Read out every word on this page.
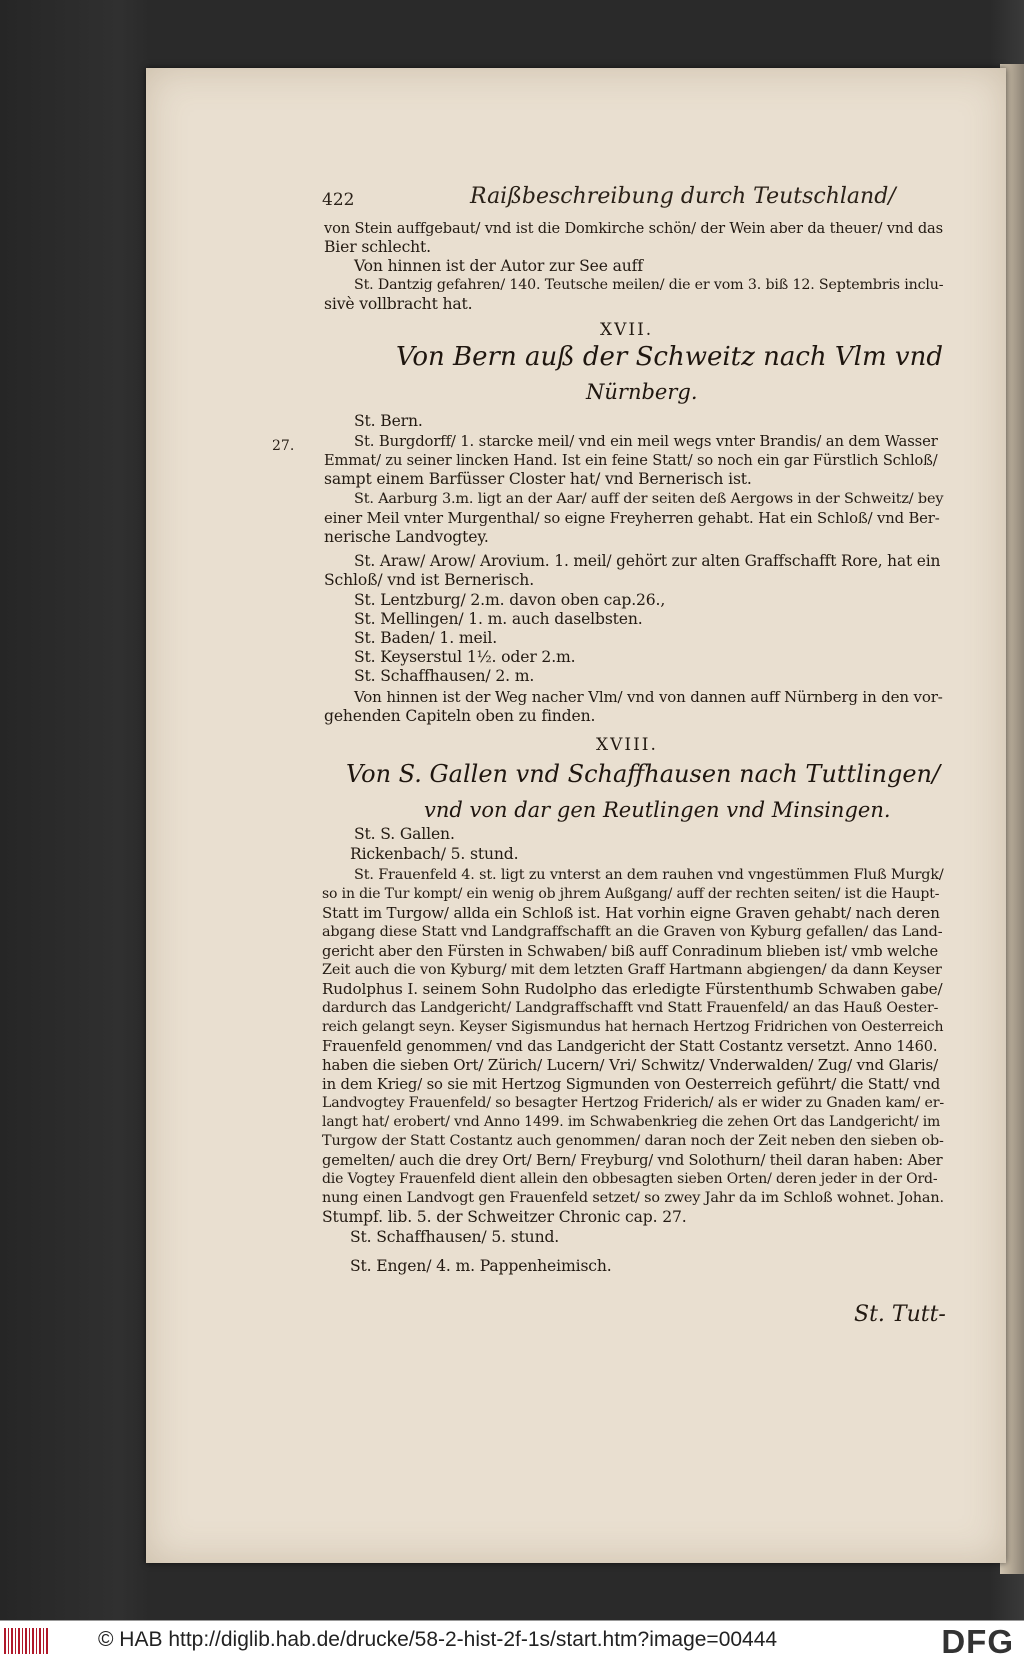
422	Raißbeschreibung durch Teutschland/
von Stein auffgebaut/ vnd ist die Domkirche schön/ der Wein aber da theuer/ vnd das
Bier schlecht.
Von hinnen ist der Autor zur See auff
St. Dantzig gefahren/ 140. Teutsche meilen/ die er vom 3. biß 12. Septembris inclu-
sivè vollbracht hat.
XVII.
Von Bern auß der Schweitz nach Vlm vnd
Nürnberg.
27.
St. Bern.
St. Burgdorff/ 1. starcke meil/ vnd ein meil wegs vnter Brandis/ an dem Wasser
Emmat/ zu seiner lincken Hand. Ist ein feine Statt/ so noch ein gar Fürstlich Schloß/
sampt einem Barfüsser Closter hat/ vnd Bernerisch ist.
St. Aarburg 3.m. ligt an der Aar/ auff der seiten deß Aergows in der Schweitz/ bey
einer Meil vnter Murgenthal/ so eigne Freyherren gehabt. Hat ein Schloß/ vnd Ber-
nerische Landvogtey.
St. Araw/ Arow/ Arovium. 1. meil/ gehört zur alten Graffschafft Rore, hat ein
Schloß/ vnd ist Bernerisch.
St. Lentzburg/ 2.m. davon oben cap.26.,
St. Mellingen/ 1. m. auch daselbsten.
St. Baden/ 1. meil.
St. Keyserstul 1½. oder 2.m.
St. Schaffhausen/ 2. m.
Von hinnen ist der Weg nacher Vlm/ vnd von dannen auff Nürnberg in den vor-
gehenden Capiteln oben zu finden.
XVIII.
Von S. Gallen vnd Schaffhausen nach Tuttlingen/
vnd von dar gen Reutlingen vnd Minsingen.
St. S. Gallen.
Rickenbach/ 5. stund.
St. Frauenfeld 4. st. ligt zu vnterst an dem rauhen vnd vngestümmen Fluß Murgk/
so in die Tur kompt/ ein wenig ob jhrem Außgang/ auff der rechten seiten/ ist die Haupt-
Statt im Turgow/ allda ein Schloß ist. Hat vorhin eigne Graven gehabt/ nach deren
abgang diese Statt vnd Landgraffschafft an die Graven von Kyburg gefallen/ das Land-
gericht aber den Fürsten in Schwaben/ biß auff Conradinum blieben ist/ vmb welche
Zeit auch die von Kyburg/ mit dem letzten Graff Hartmann abgiengen/ da dann Keyser
Rudolphus I. seinem Sohn Rudolpho das erledigte Fürstenthumb Schwaben gabe/
dardurch das Landgericht/ Landgraffschafft vnd Statt Frauenfeld/ an das Hauß Oester-
reich gelangt seyn. Keyser Sigismundus hat hernach Hertzog Fridrichen von Oesterreich
Frauenfeld genommen/ vnd das Landgericht der Statt Costantz versetzt. Anno 1460.
haben die sieben Ort/ Zürich/ Lucern/ Vri/ Schwitz/ Vnderwalden/ Zug/ vnd Glaris/
in dem Krieg/ so sie mit Hertzog Sigmunden von Oesterreich geführt/ die Statt/ vnd
Landvogtey Frauenfeld/ so besagter Hertzog Friderich/ als er wider zu Gnaden kam/ er-
langt hat/ erobert/ vnd Anno 1499. im Schwabenkrieg die zehen Ort das Landgericht/ im
Turgow der Statt Costantz auch genommen/ daran noch der Zeit neben den sieben ob-
gemelten/ auch die drey Ort/ Bern/ Freyburg/ vnd Solothurn/ theil daran haben: Aber
die Vogtey Frauenfeld dient allein den obbesagten sieben Orten/ deren jeder in der Ord-
nung einen Landvogt gen Frauenfeld setzet/ so zwey Jahr da im Schloß wohnet. Johan.
Stumpf. lib. 5. der Schweitzer Chronic cap. 27.
St. Schaffhausen/ 5. stund.
St. Engen/ 4. m. Pappenheimisch.
St. Tutt-
© HAB http://diglib.hab.de/drucke/58-2-hist-2f-1s/start.htm?image=00444	DFG
